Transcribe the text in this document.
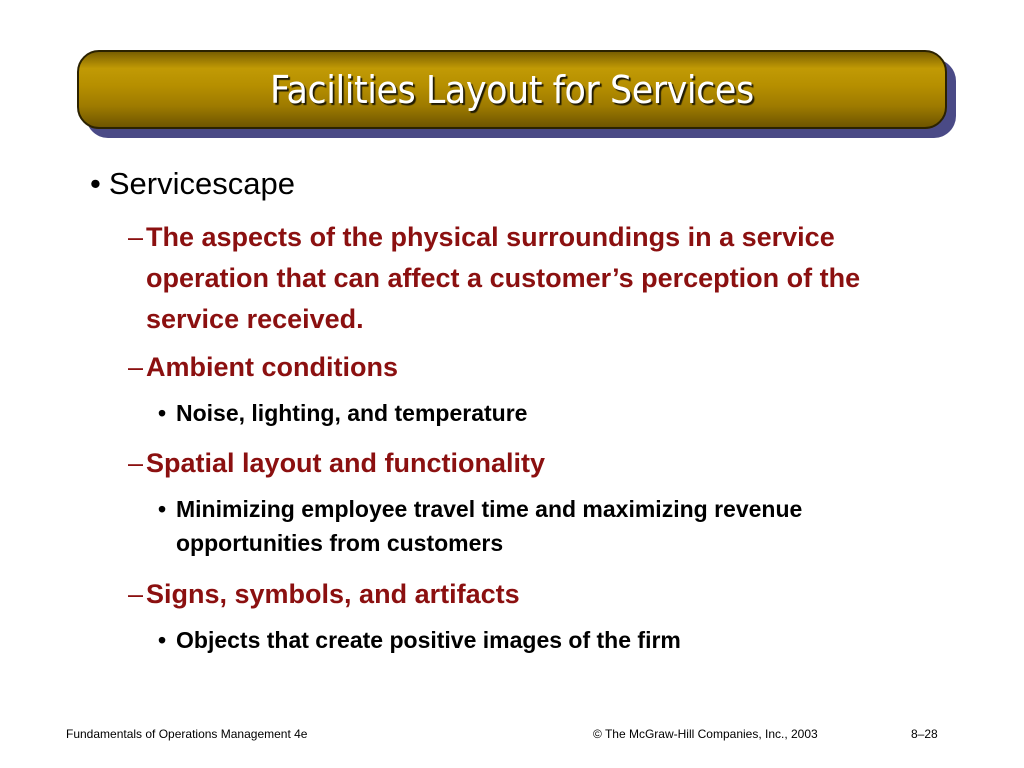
Facilities Layout for Services
• Servicescape
– The aspects of the physical surroundings in a service operation that can affect a customer’s perception of the service received.
– Ambient conditions
• Noise, lighting, and temperature
– Spatial layout and functionality
• Minimizing employee travel time and maximizing revenue opportunities from customers
– Signs, symbols, and artifacts
• Objects that create positive images of the firm
Fundamentals of Operations Management 4e	© The McGraw-Hill Companies, Inc., 2003	8–28
